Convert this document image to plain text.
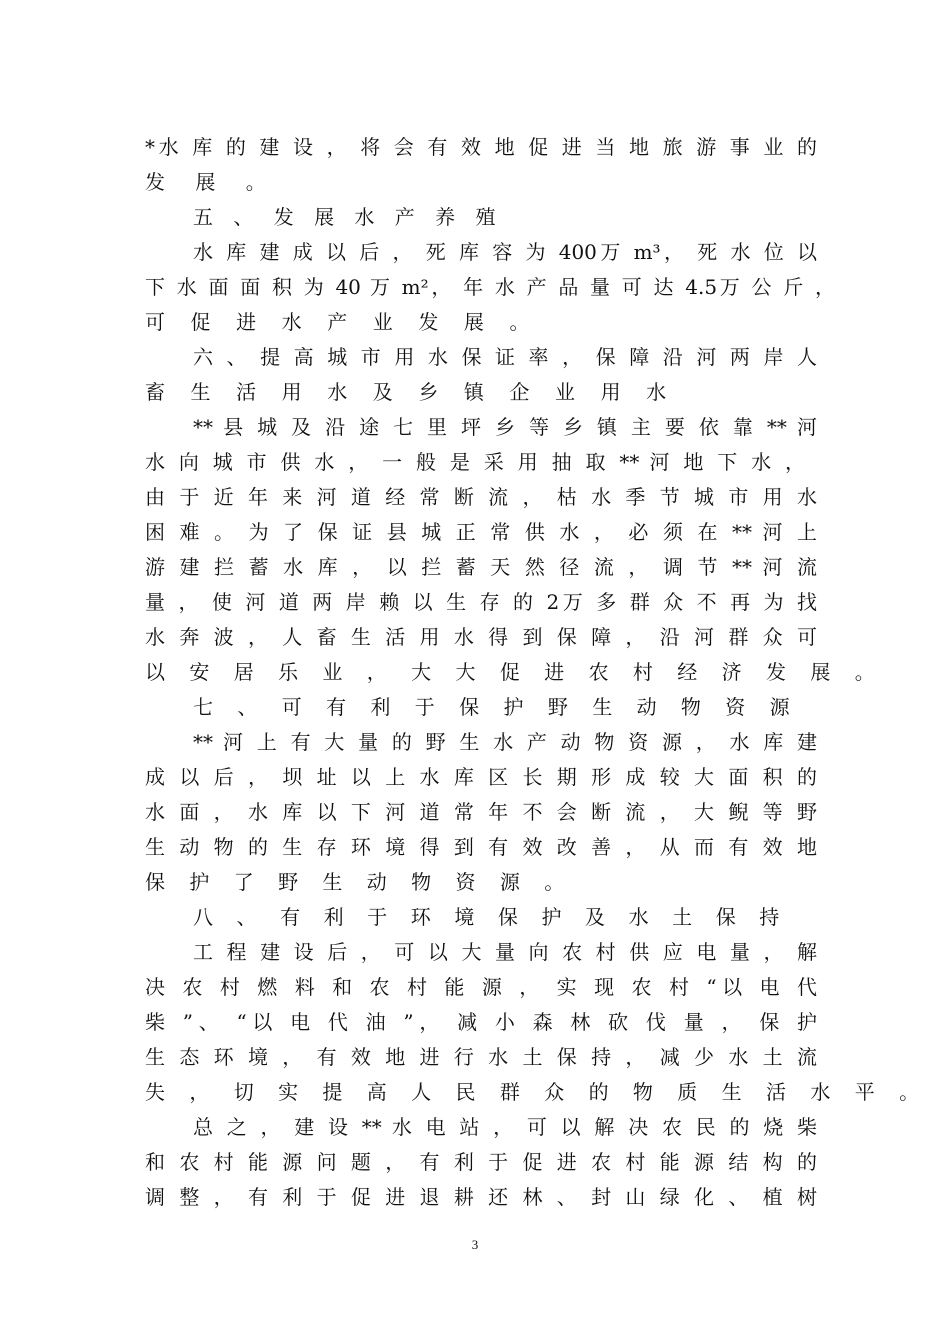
*水 库 的 建 设 ， 将 会 有 效 地 促 进 当 地 旅 游 事 业 的
发 展 。
五 、 发 展 水 产 养 殖
水 库 建 成 以 后 ， 死 库 容 为 400万 m³， 死 水 位 以
下 水 面 面 积 为 40 万 m²， 年 水 产 品 量 可 达 4.5万 公 斤 ，
可 促 进 水 产 业 发 展 。
六 、 提 高 城 市 用 水 保 证 率 ， 保 障 沿 河 两 岸 人
畜 生 活 用 水 及 乡 镇 企 业 用 水
** 县 城 及 沿 途 七 里 坪 乡 等 乡 镇 主 要 依 靠 ** 河
水 向 城 市 供 水 ， 一 般 是 采 用 抽 取 ** 河 地 下 水 ，
由 于 近 年 来 河 道 经 常 断 流 ， 枯 水 季 节 城 市 用 水
困 难 。 为 了 保 证 县 城 正 常 供 水 ， 必 须 在 ** 河 上
游 建 拦 蓄 水 库 ， 以 拦 蓄 天 然 径 流 ， 调 节 ** 河 流
量 ， 使 河 道 两 岸 赖 以 生 存 的 2万 多 群 众 不 再 为 找
水 奔 波 ， 人 畜 生 活 用 水 得 到 保 障 ， 沿 河 群 众 可
以 安 居 乐 业 ， 大 大 促 进 农 村 经 济 发 展 。
七 、 可 有 利 于 保 护 野 生 动 物 资 源
** 河 上 有 大 量 的 野 生 水 产 动 物 资 源 ， 水 库 建
成 以 后 ， 坝 址 以 上 水 库 区 长 期 形 成 较 大 面 积 的
水 面 ， 水 库 以 下 河 道 常 年 不 会 断 流 ， 大 鲵 等 野
生 动 物 的 生 存 环 境 得 到 有 效 改 善 ， 从 而 有 效 地
保 护 了 野 生 动 物 资 源 。
八 、 有 利 于 环 境 保 护 及 水 土 保 持
工 程 建 设 后 ， 可 以 大 量 向 农 村 供 应 电 量 ， 解
决 农 村 燃 料 和 农 村 能 源 ， 实 现 农 村 “以 电 代
柴 ”、 “以 电 代 油 ”， 减 小 森 林 砍 伐 量 ， 保 护
生 态 环 境 ， 有 效 地 进 行 水 土 保 持 ， 减 少 水 土 流
失 ， 切 实 提 高 人 民 群 众 的 物 质 生 活 水 平 。
总 之 ， 建 设 ** 水 电 站 ， 可 以 解 决 农 民 的 烧 柴
和 农 村 能 源 问 题 ， 有 利 于 促 进 农 村 能 源 结 构 的
调 整 ， 有 利 于 促 进 退 耕 还 林 、 封 山 绿 化 、 植 树
3
